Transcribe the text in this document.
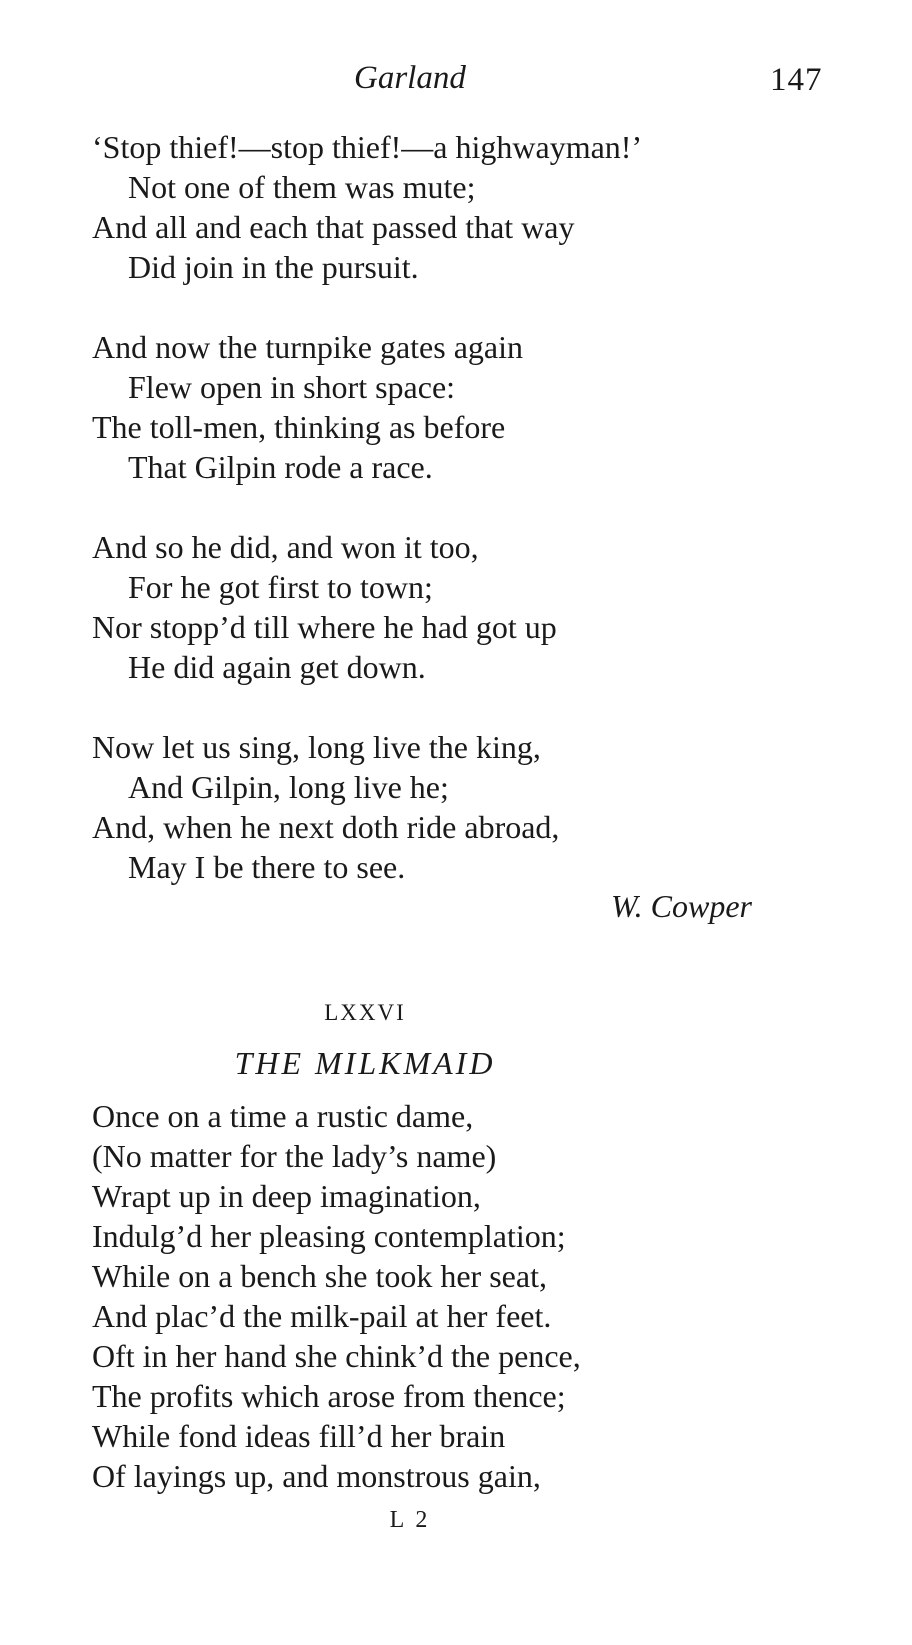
Garland	147
‘Stop thief!—stop thief!—a highwayman!’
Not one of them was mute;
And all and each that passed that way
Did join in the pursuit.
And now the turnpike gates again
Flew open in short space:
The toll-men, thinking as before
That Gilpin rode a race.
And so he did, and won it too,
For he got first to town;
Nor stopp’d till where he had got up
He did again get down.
Now let us sing, long live the king,
And Gilpin, long live he;
And, when he next doth ride abroad,
May I be there to see.
W. Cowper
LXXVI
THE MILKMAID
Once on a time a rustic dame,
(No matter for the lady’s name)
Wrapt up in deep imagination,
Indulg’d her pleasing contemplation;
While on a bench she took her seat,
And plac’d the milk-pail at her feet.
Oft in her hand she chink’d the pence,
The profits which arose from thence;
While fond ideas fill’d her brain
Of layings up, and monstrous gain,
L 2
